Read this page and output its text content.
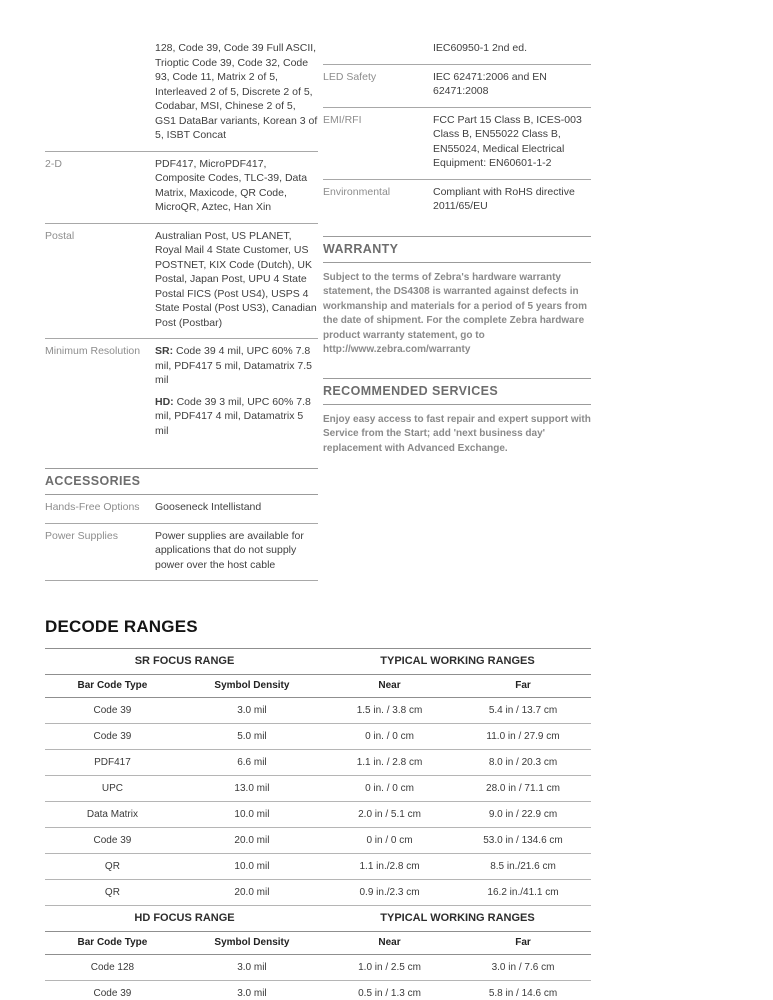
128, Code 39, Code 39 Full ASCII, Trioptic Code 39, Code 32, Code 93, Code 11, Matrix 2 of 5, Interleaved 2 of 5, Discrete 2 of 5, Codabar, MSI, Chinese 2 of 5, GS1 DataBar variants, Korean 3 of 5, ISBT Concat
2-D	PDF417, MicroPDF417, Composite Codes, TLC-39, Data Matrix, Maxicode, QR Code, MicroQR, Aztec, Han Xin
Postal	Australian Post, US PLANET, Royal Mail 4 State Customer, US POSTNET, KIX Code (Dutch), UK Postal, Japan Post, UPU 4 State Postal FICS (Post US4), USPS 4 State Postal (Post US3), Canadian Post (Postbar)
Minimum Resolution	SR: Code 39 4 mil, UPC 60% 7.8 mil, PDF417 5 mil, Datamatrix 7.5 mil

HD: Code 39 3 mil, UPC 60% 7.8 mil, PDF417 4 mil, Datamatrix 5 mil

ACCESSORIES
Hands-Free Options	Gooseneck Intellistand
Power Supplies	Power supplies are available for applications that do not supply power over the host cable
IEC60950-1 2nd ed.
LED Safety	IEC 62471:2006 and EN 62471:2008
EMI/RFI	FCC Part 15 Class B, ICES-003 Class B, EN55022 Class B, EN55024, Medical Electrical Equipment: EN60601-1-2
Environmental	Compliant with RoHS directive 2011/65/EU
WARRANTY

Subject to the terms of Zebra's hardware warranty statement, the DS4308 is warranted against defects in workmanship and materials for a period of 5 years from the date of shipment. For the complete Zebra hardware product warranty statement, go to http://www.zebra.com/warranty

RECOMMENDED SERVICES

Enjoy easy access to fast repair and expert support with Service from the Start; add 'next business day' replacement with Advanced Exchange.

DECODE RANGES
SR FOCUS RANGE	TYPICAL WORKING RANGES
Bar Code Type	Symbol Density	Near	Far
Code 39	3.0 mil	1.5 in. / 3.8 cm	5.4 in / 13.7 cm
Code 39	5.0 mil	0 in. / 0 cm	11.0 in / 27.9 cm
PDF417	6.6 mil	1.1 in. / 2.8 cm	8.0 in / 20.3 cm
UPC	13.0 mil	0 in. / 0 cm	28.0 in / 71.1 cm
Data Matrix	10.0 mil	2.0 in / 5.1 cm	9.0 in / 22.9 cm
Code 39	20.0 mil	0 in / 0 cm	53.0 in / 134.6 cm
QR	10.0 mil	1.1 in./2.8 cm	8.5 in./21.6 cm
QR	20.0 mil	0.9 in./2.3 cm	16.2 in./41.1 cm
HD FOCUS RANGE	TYPICAL WORKING RANGES
Bar Code Type	Symbol Density	Near	Far
Code 128	3.0 mil	1.0 in / 2.5 cm	3.0 in / 7.6 cm
Code 39	3.0 mil	0.5 in / 1.3 cm	5.8 in / 14.6 cm
